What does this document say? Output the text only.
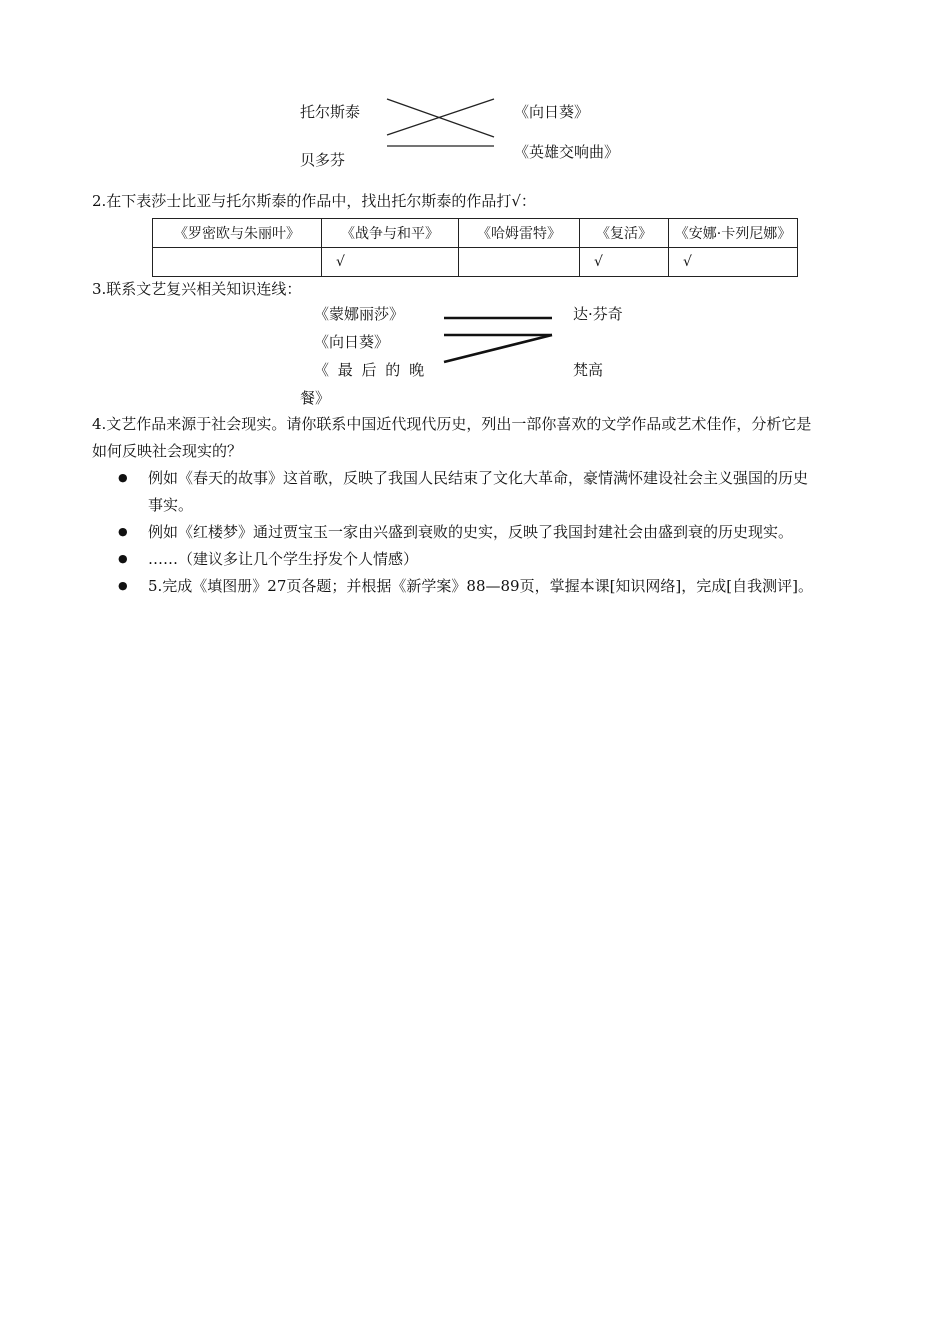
托尔斯泰
贝多芬
《向日葵》
《英雄交响曲》
2.在下表莎士比亚与托尔斯泰的作品中，找出托尔斯泰的作品打√：
《罗密欧与朱丽叶》	《战争与和平》	《哈姆雷特》	《复活》	《安娜·卡列尼娜》
	√		√	√
3.联系文艺复兴相关知识连线：
《蒙娜丽莎》
《向日葵》
《 最 后 的 晚
餐》
达·芬奇
梵高
4.文艺作品来源于社会现实。请你联系中国近代现代历史，列出一部你喜欢的文学作品或艺术佳作，分析它是
如何反映社会现实的？
● 例如《春天的故事》这首歌，反映了我国人民结束了文化大革命，豪情满怀建设社会主义强国的历史
事实。
● 例如《红楼梦》通过贾宝玉一家由兴盛到衰败的史实，反映了我国封建社会由盛到衰的历史现实。
● ……（建议多让几个学生抒发个人情感）
● 5.完成《填图册》27页各题；并根据《新学案》88—89页，掌握本课[知识网络]，完成[自我测评]。
